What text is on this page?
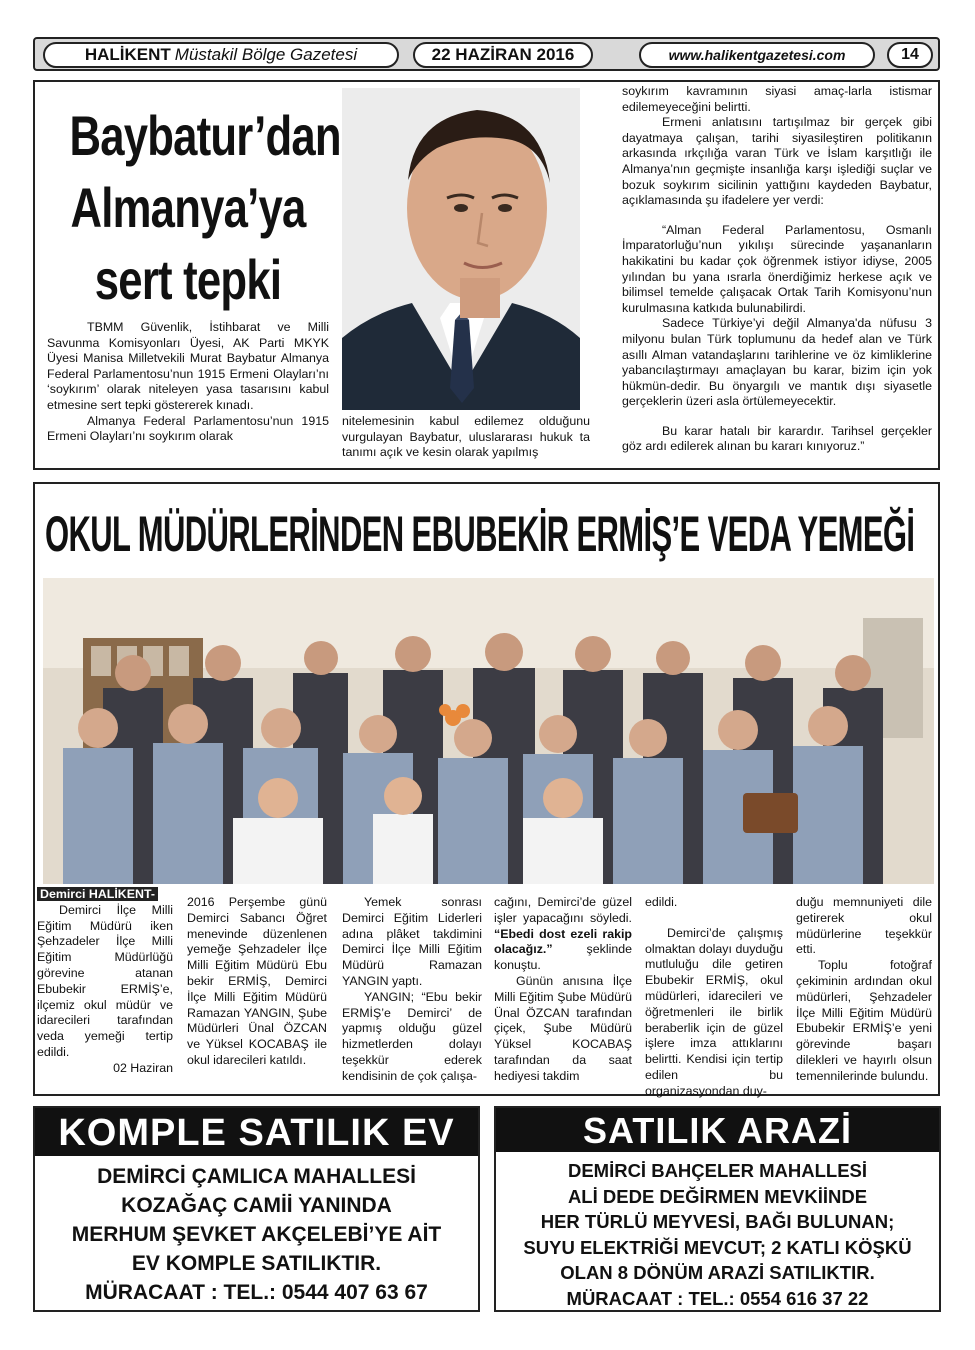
HALİKENT Müstakil Bölge Gazetesi	22 HAZİRAN 2016	www.halikentgazetesi.com	14
Baybatur’dan
Almanya’ya
sert tepki

TBMM Güvenlik, İstihbarat ve Milli Savunma Komisyonları Üyesi, AK Parti MKYK Üyesi Manisa Milletvekili Murat Baybatur Almanya Federal Parlamentosu’nun 1915 Ermeni Olayları’nı ‘soykırım’ olarak niteleyen yasa tasarısını kabul etmesine sert tepki göstererek kınadı.

Almanya Federal Parlamentosu’nun 1915 Ermeni Olayları’nı soykırım olarak

nitelemesinin kabul edilemez olduğunu vurgulayan Baybatur, uluslararası hukuk ta tanımı açık ve kesin olarak yapılmış

soykırım kavramının siyasi amaç-larla istismar edilemeyeceğini belirtti.

Ermeni anlatısını tartışılmaz bir gerçek gibi dayatmaya çalışan, tarihi siyasileştiren politikanın arkasında ırkçılığa varan Türk ve İslam karşıtlığı ile Almanya’nın geçmişte insanlığa karşı işlediği suçlar ve bozuk soykırım sicilinin yattığını kaydeden Baybatur, açıklamasında şu ifadelere yer verdi:

“Alman Federal Parlamentosu, Osmanlı İmparatorluğu’nun yıkılışı sürecinde yaşananların hakikatini bu kadar çok öğrenmek istiyor idiyse, 2005 yılından bu yana ısrarla önerdiğimiz herkese açık ve bilimsel temelde çalışacak Ortak Tarih Komisyonu’nun kurulmasına katkıda bulunabilirdi.

Sadece Türkiye’yi değil Almanya'da nüfusu 3 milyonu bulan Türk toplumunu da hedef alan ve Türk asıllı Alman vatandaşlarını tarihlerine ve öz kimliklerine yabancılaştırmayı amaçlayan bu karar, bizim için yok hükmün-dedir. Bu önyargılı ve mantık dışı siyasetle gerçeklerin üzeri asla örtülemeyecektir.

Bu karar hatalı bir karardır. Tarihsel gerçekler göz ardı edilerek alınan bu kararı kınıyoruz.”

OKUL MÜDÜRLERİNDEN EBUBEKİR ERMİŞ’E VEDA YEMEĞİ

Demirci HALİKENT-

Demirci İlçe Milli Eğitim Müdürü iken Şehzadeler İlçe Milli Eğitim Müdürlüğü görevine atanan Ebubekir ERMİŞ’e, ilçemiz okul müdür ve idarecileri tarafından veda yemeği tertip edildi.

02 Haziran

2016 Perşembe günü Demirci Sabancı Öğret menevinde düzenlenen yemeğe Şehzadeler İlçe Milli Eğitim Müdürü Ebu bekir ERMİŞ, Demirci İlçe Milli Eğitim Müdürü Ramazan YANGIN, Şube Müdürleri Ünal ÖZCAN ve Yüksel KOCABAŞ ile okul idarecileri katıldı.

Yemek sonrası Demirci Eğitim Liderleri adına plâket takdimini Demirci İlçe Milli Eğitim Müdürü Ramazan YANGIN yaptı.

YANGIN; “Ebu bekir ERMİŞ’e Demirci’ de yapmış olduğu güzel hizmetlerden dolayı teşekkür ederek kendisinin de çok çalışa-

cağını, Demirci’de güzel işler yapacağını söyledi. “Ebedi dost ezeli rakip olacağız.”	şeklinde konuştu.

Günün anısına İlçe Milli Eğitim Şube Müdürü Ünal ÖZCAN tarafından çiçek, Şube Müdürü Yüksel KOCABAŞ tarafından da saat hediyesi takdim

edildi.

Demirci’de çalışmış olmaktan dolayı duyduğu mutluluğu dile getiren Ebubekir ERMİŞ, okul müdürleri, idarecileri ve öğretmenleri ile birlik beraberlik için de güzel işlere imza attıklarını belirtti. Kendisi için tertip edilen bu organizasyondan duy-

duğu memnuniyeti dile getirerek okul müdürlerine teşekkür etti.

Toplu fotoğraf çekiminin ardından okul müdürleri, Şehzadeler İlçe Milli Eğitim Müdürü Ebubekir ERMİŞ’e yeni görevinde başarı dilekleri ve hayırlı olsun temennilerinde bulundu.

KOMPLE SATILIK EV
DEMİRCİ ÇAMLICA MAHALLESİ
KOZAĞAÇ CAMİİ YANINDA
MERHUM ŞEVKET AKÇELEBİ’YE AİT
EV KOMPLE SATILIKTIR.
MÜRACAAT : TEL.: 0544 407 63 67
SATILIK ARAZİ
DEMİRCİ BAHÇELER MAHALLESİ
ALİ DEDE DEĞİRMEN MEVKİİNDE
HER TÜRLÜ MEYVESİ, BAĞI BULUNAN;
SUYU ELEKTRİĞİ MEVCUT; 2 KATLI KÖŞKÜ
OLAN 8 DÖNÜM ARAZİ SATILIKTIR.
MÜRACAAT : TEL.: 0554 616 37 22
